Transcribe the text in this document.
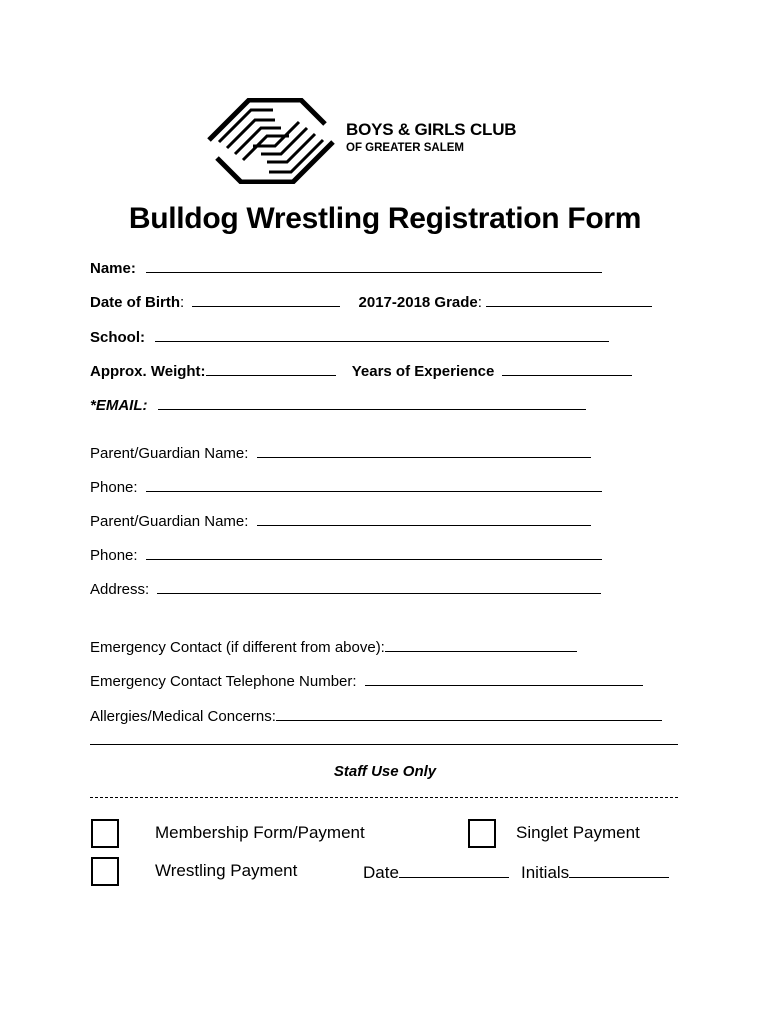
BOYS & GIRLS CLUB
OF GREATER SALEM
Bulldog Wrestling Registration Form
Name:
Date of Birth:	2017-2018 Grade:
School:
Approx. Weight:	Years of Experience
*EMAIL:
Parent/Guardian Name:
Phone:
Parent/Guardian Name:
Phone:
Address:
Emergency Contact (if different from above):
Emergency Contact Telephone Number:
Allergies/Medical Concerns:
Staff Use Only
Membership Form/Payment	Singlet Payment
Wrestling Payment	Date	Initials
